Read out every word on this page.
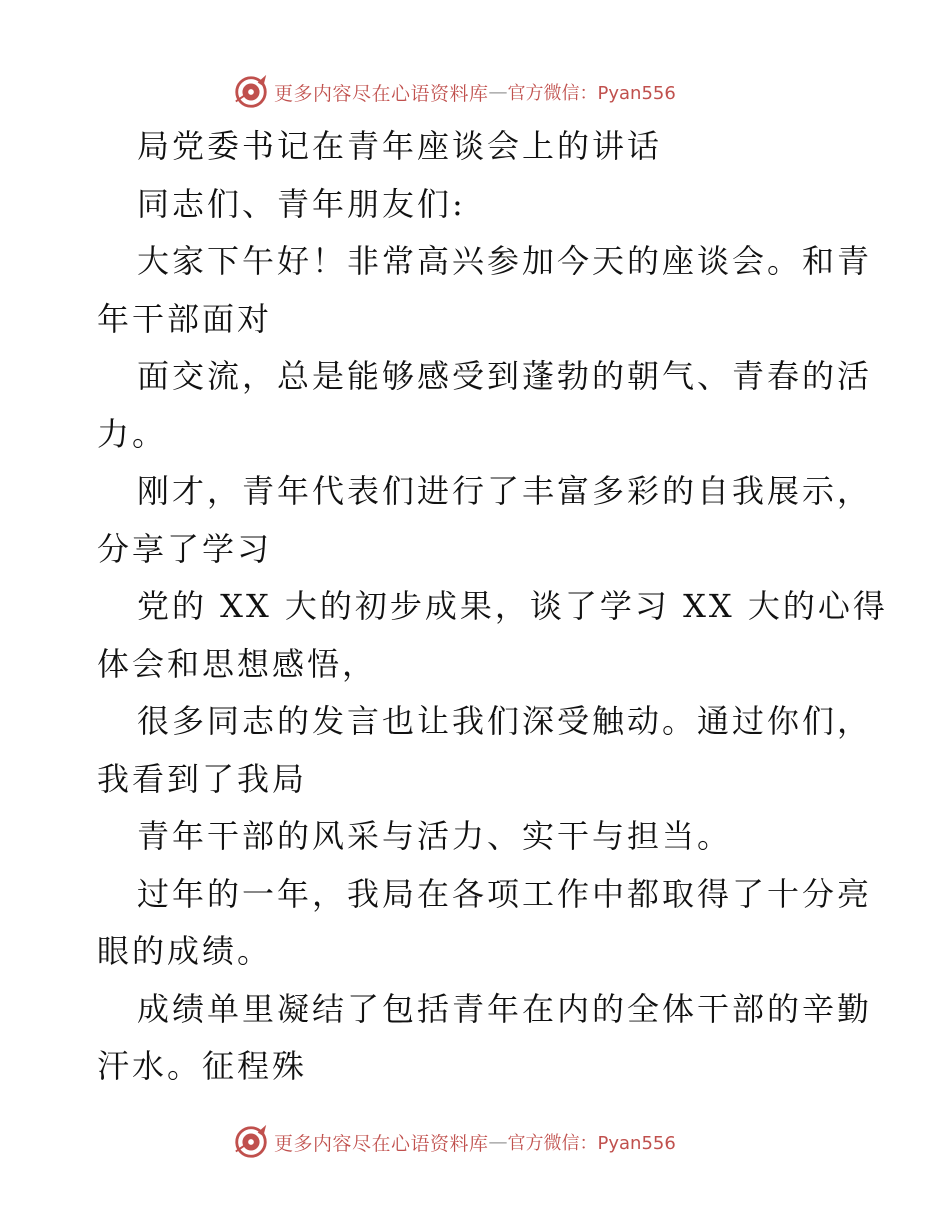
更多内容尽在心语资料库 — 官方微信：Pyan556
局党委书记在青年座谈会上的讲话
同志们、青年朋友们:
大家下午好！非常高兴参加今天的座谈会。和青
年干部面对
面交流，总是能够感受到蓬勃的朝气、青春的活
力。
刚才，青年代表们进行了丰富多彩的自我展示，
分享了学习
党的 XX 大的初步成果，谈了学习 XX 大的心得
体会和思想感悟，
很多同志的发言也让我们深受触动。通过你们，
我看到了我局
青年干部的风采与活力、实干与担当。
过年的一年，我局在各项工作中都取得了十分亮
眼的成绩。
成绩单里凝结了包括青年在内的全体干部的辛勤
汗水。征程殊
更多内容尽在心语资料库 — 官方微信：Pyan556
